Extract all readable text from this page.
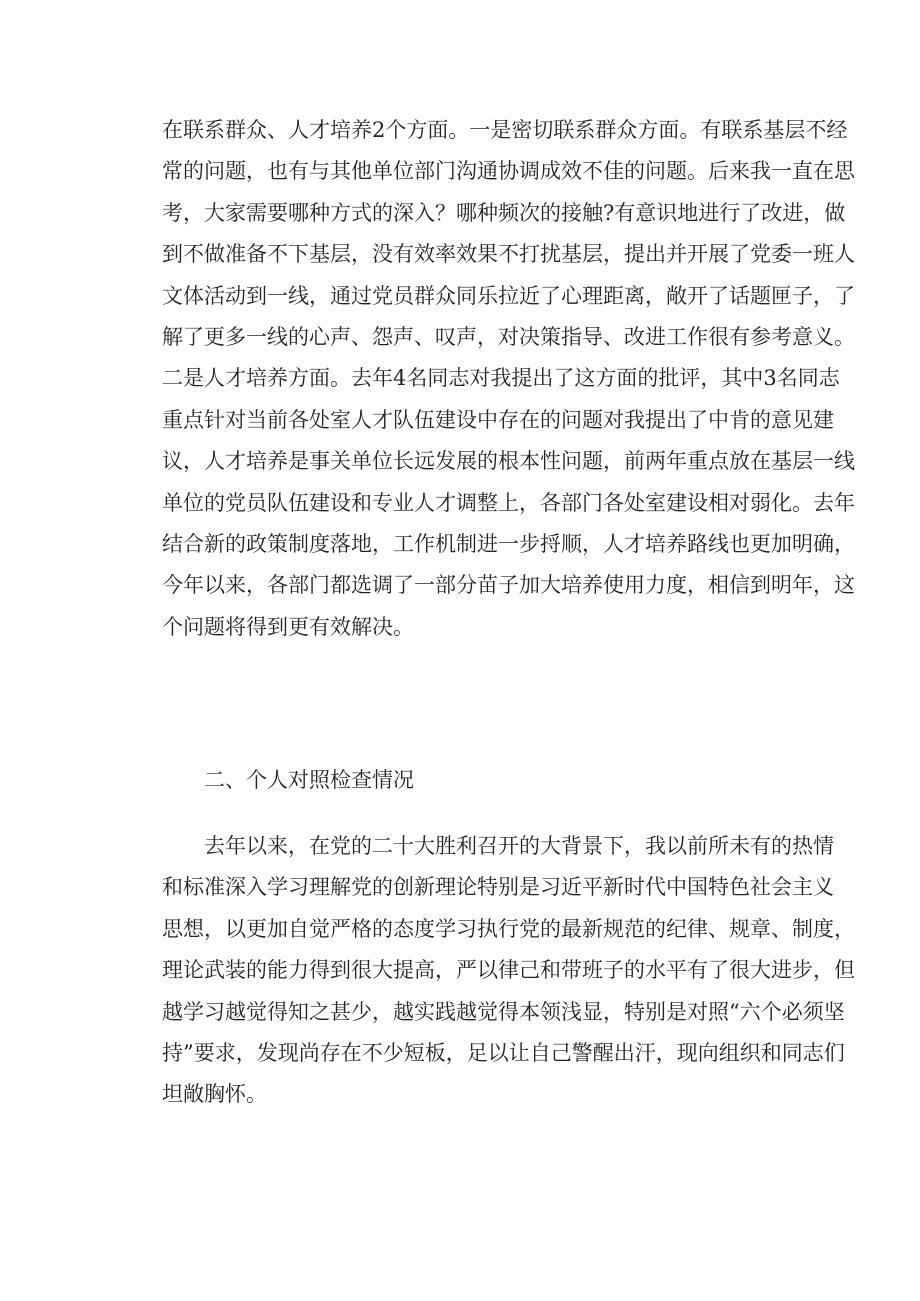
在联系群众、人才培养2个方面。一是密切联系群众方面。有联系基层不经
常的问题，也有与其他单位部门沟通协调成效不佳的问题。后来我一直在思
考，大家需要哪种方式的深入？哪种频次的接触?有意识地进行了改进，做
到不做准备不下基层，没有效率效果不打扰基层，提出并开展了党委一班人
文体活动到一线，通过党员群众同乐拉近了心理距离，敞开了话题匣子，了
解了更多一线的心声、怨声、叹声，对决策指导、改进工作很有参考意义。
二是人才培养方面。去年4名同志对我提出了这方面的批评，其中3名同志
重点针对当前各处室人才队伍建设中存在的问题对我提出了中肯的意见建
议，人才培养是事关单位长远发展的根本性问题，前两年重点放在基层一线
单位的党员队伍建设和专业人才调整上，各部门各处室建设相对弱化。去年
结合新的政策制度落地，工作机制进一步捋顺，人才培养路线也更加明确，
今年以来，各部门都选调了一部分苗子加大培养使用力度，相信到明年，这
个问题将得到更有效解决。
二、个人对照检查情况
去年以来，在党的二十大胜利召开的大背景下，我以前所未有的热情
和标准深入学习理解党的创新理论特别是习近平新时代中国特色社会主义
思想，以更加自觉严格的态度学习执行党的最新规范的纪律、规章、制度，
理论武装的能力得到很大提高，严以律己和带班子的水平有了很大进步，但
越学习越觉得知之甚少，越实践越觉得本领浅显，特别是对照“六个必须坚
持”要求，发现尚存在不少短板，足以让自己警醒出汗，现向组织和同志们
坦敞胸怀。
